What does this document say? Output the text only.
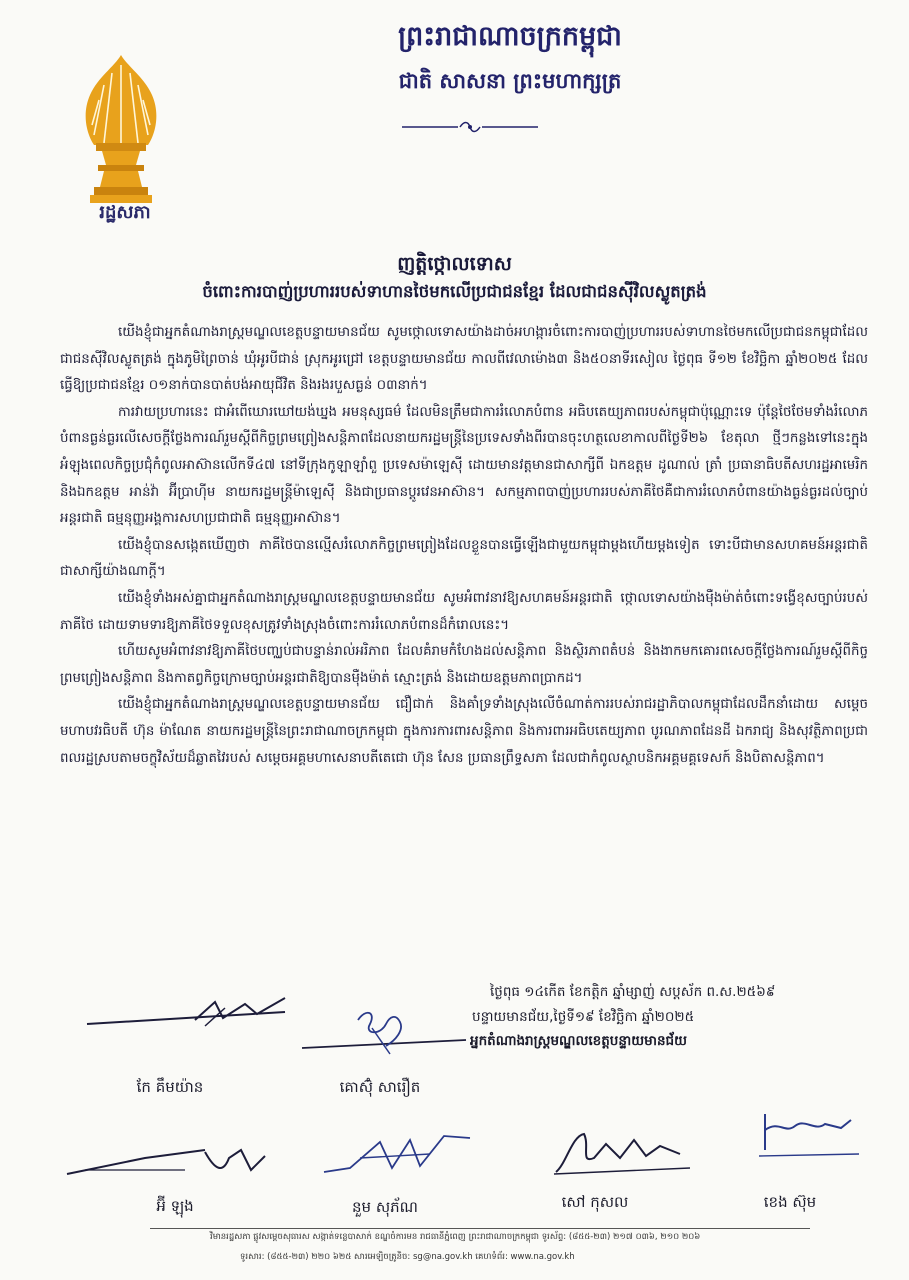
រដ្ឋសភា
ព្រះរាជាណាចក្រកម្ពុជា
ជាតិ សាសនា ព្រះមហាក្សត្រ
ញត្តិថ្កោលទោស
ចំពោះការបាញ់ប្រហាររបស់ទាហានថៃមកលើប្រជាជនខ្មែរ ដែលជាជនស៊ីវិលស្លូតត្រង់

យើងខ្ញុំជាអ្នកតំណាងរាស្ត្រមណ្ឌលខេត្តបន្ទាយមានជ័យ សូមថ្កោលទោសយ៉ាងដាច់អហង្ការចំពោះការបាញ់ប្រហាររបស់ទាហានថៃមកលើប្រជាជនកម្ពុជាដែលជាជនស៊ីវិលស្លូតត្រង់ ក្នុងភូមិព្រៃចាន់ ឃុំអូរបីជាន់ ស្រុកអូរជ្រៅ ខេត្តបន្ទាយមានជ័យ កាលពីវេលាម៉ោង៣ និង៥០នាទីរសៀល ថ្ងៃពុធ ទី១២ ខែវិច្ឆិកា ឆ្នាំ២០២៥ ដែលធ្វើឱ្យប្រជាជនខ្មែរ ០១នាក់បានបាត់បង់អាយុជីវិត និងរងរបួសធ្ងន់ ០៣នាក់។

ការវាយប្រហារនេះ ជាអំពើឃោរឃៅយង់ឃ្នង អមនុស្សធម៌ ដែលមិនត្រឹមជាការរំលោភបំពាន អធិបតេយ្យភាពរបស់កម្ពុជាប៉ុណ្ណោះទេ ប៉ុន្តែថៃថែមទាំងរំលោភបំពានធ្ងន់ធ្ងរលើសេចក្តីថ្លែងការណ៍រួមស្តីពីកិច្ចព្រមព្រៀងសន្តិភាពដែលនាយករដ្ឋមន្ត្រីនៃប្រទេសទាំងពីរបានចុះហត្ថលេខាកាលពីថ្ងៃទី២៦ ខែតុលា ថ្មីៗកន្លងទៅនេះក្នុងអំឡុងពេលកិច្ចប្រជុំកំពូលអាស៊ានលើកទី៤៧ នៅទីក្រុងកូឡាឡាំពួ ប្រទេសម៉ាឡេស៊ី ដោយមានវត្តមានជាសាក្សីពី ឯកឧត្តម ដូណាល់ ត្រាំ ប្រធានាធិបតីសហរដ្ឋអាមេរិក និងឯកឧត្តម អាន់វ៉ា អ៊ីប្រាហ៊ីម នាយករដ្ឋមន្ត្រីម៉ាឡេស៊ី និងជាប្រធានប្តូរវេនអាស៊ាន។ សកម្មភាពបាញ់ប្រហាររបស់ភាគីថៃគឺជាការរំលោភបំពានយ៉ាងធ្ងន់ធ្ងរដល់ច្បាប់អន្តរជាតិ ធម្មនុញ្ញអង្គការសហប្រជាជាតិ ធម្មនុញ្ញអាស៊ាន។

យើងខ្ញុំបានសង្កេតឃើញថា ភាគីថៃបានល្មើសរំលោភកិច្ចព្រមព្រៀងដែលខ្លួនបានធ្វើឡើងជាមួយកម្ពុជាម្តងហើយម្តងទៀត ទោះបីជាមានសហគមន៍អន្តរជាតិជាសាក្សីយ៉ាងណាក្តី។

យើងខ្ញុំទាំងអស់គ្នាជាអ្នកតំណាងរាស្ត្រមណ្ឌលខេត្តបន្ទាយមានជ័យ សូមអំពាវនាវឱ្យសហគមន៍អន្តរជាតិ ថ្កោលទោសយ៉ាងម៉ឺងម៉ាត់ចំពោះទង្វើខុសច្បាប់របស់ភាគីថៃ ដោយទាមទារឱ្យភាគីថៃទទួលខុសត្រូវទាំងស្រុងចំពោះការរំលោភបំពានដ៏កំរោលនេះ។

ហើយសូមអំពាវនាវឱ្យភាគីថៃបញ្ឈប់ជាបន្ទាន់រាល់អរិភាព ដែលគំរាមកំហែងដល់សន្តិភាព និងស្ថិរភាពតំបន់ និងងាកមកគោរពសេចក្តីថ្លែងការណ៍រួមស្តីពីកិច្ចព្រមព្រៀងសន្តិភាព និងកាតព្វកិច្ចក្រោមច្បាប់អន្តរជាតិឱ្យបានម៉ឺងម៉ាត់ ស្មោះត្រង់ និងដោយឧត្តមភាពប្រាកដ។

យើងខ្ញុំជាអ្នកតំណាងរាស្ត្រមណ្ឌលខេត្តបន្ទាយមានជ័យ ជឿជាក់ និងគាំទ្រទាំងស្រុងលើចំណាត់ការរបស់រាជរដ្ឋាភិបាលកម្ពុជាដែលដឹកនាំដោយ សម្តេចមហាបវរធិបតី ហ៊ុន ម៉ាណែត នាយករដ្ឋមន្ត្រីនៃព្រះរាជាណាចក្រកម្ពុជា ក្នុងការការពារសន្តិភាព និងការពារអធិបតេយ្យភាព បូរណភាពដែនដី ឯករាជ្យ និងសុវត្ថិភាពប្រជាពលរដ្ឋស្របតាមចក្ខុវិស័យដ៏ឆ្លាតវៃរបស់ សម្តេចអគ្គមហាសេនាបតីតេជោ ហ៊ុន សែន ប្រធានព្រឹទ្ធសភា ដែលជាកំពូលស្ថាបនិកអគ្គមគ្គទេសក៍ និងបិតាសន្តិភាព។

ថ្ងៃពុធ ១៤កើត ខែកត្តិក ឆ្នាំម្សាញ់ សប្តស័ក ព.ស.២៥៦៩
បន្ទាយមានជ័យ,ថ្ងៃទី១៩ ខែវិច្ឆិកា ឆ្នាំ២០២៥
អ្នកតំណាងរាស្ត្រមណ្ឌលខេត្តបន្ទាយមានជ័យ
កែ គឹមយ៉ាន	គោស៊ុំ សារឿត
អ៊ី ឡុង	នួម សុភ័ណ	សៅ កុសល	ខេង ស៊ុម
វិមានរដ្ឋសភា ​ផ្លូវសម្តេចសុធារស សង្កាត់ទន្លេបាសាក់ ខណ្ឌចំការមន រាជធានីភ្នំពេញ ព្រះរាជាណាចក្រកម្ពុជា ទូរស័ព្ទ: (៨៥៥-២៣) ២១៧ ០៣៦, ២១០ ២០៦
ទូរសារ: (៨៥៥-២៣) ២២០ ៦២៥ សារអេឡិចត្រូនិច: sg@na.gov.kh គេហទំព័រ: www.na.gov.kh
